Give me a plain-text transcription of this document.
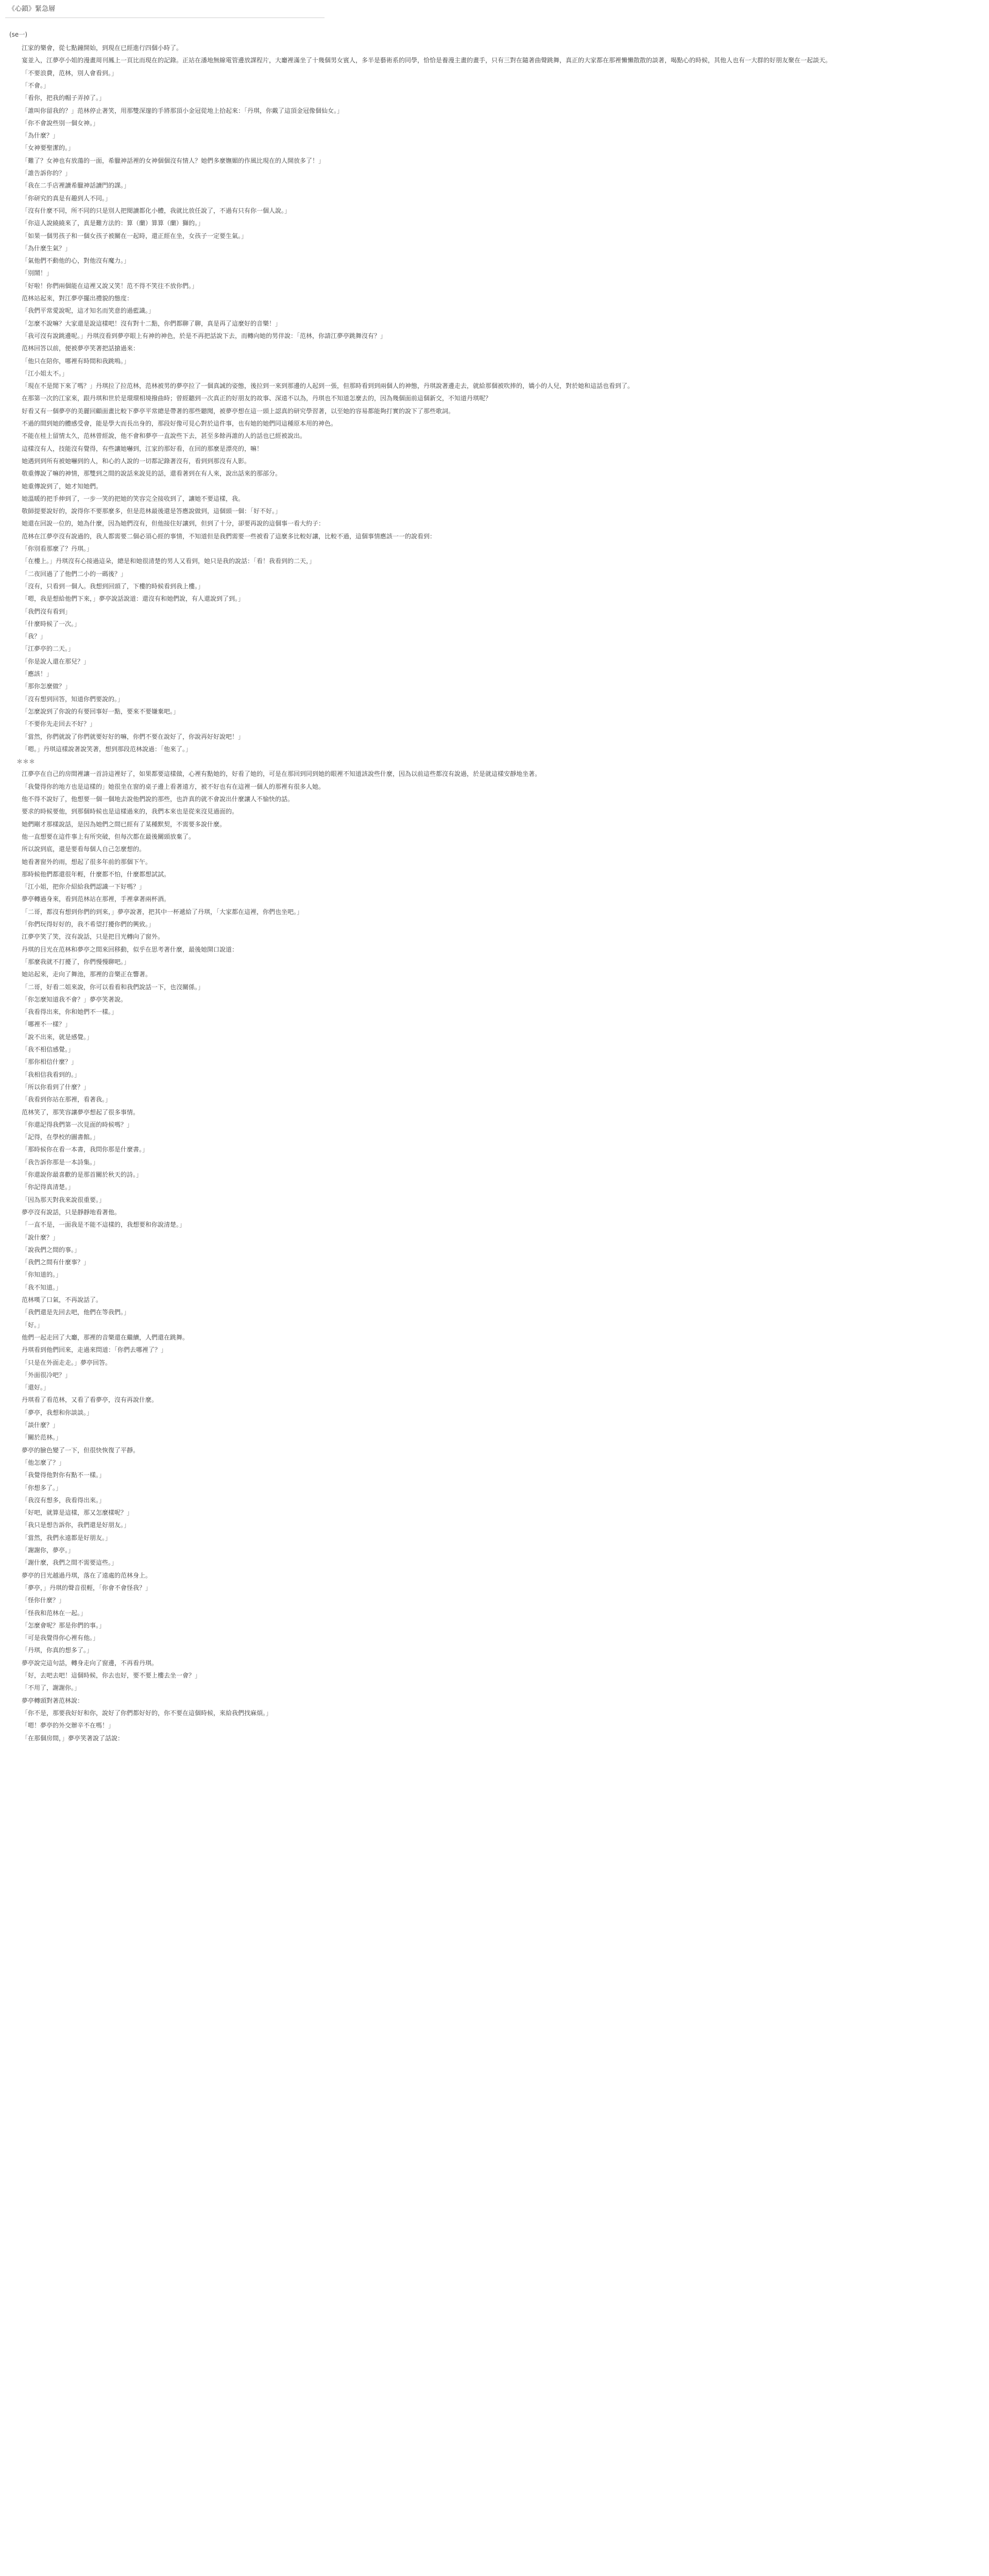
《心鎖》緊急層
(se一)

江家的樂會，從七點鐘開始，到現在已經進行四個小時了。

宴並入，江夢亭小姐的漫畫周刊鳳上一頁比而現在的記錄。正站在潘地無線電管邊放課程片，大廳裡滿坐了十幾個男女賓人，多半是藝術系的同學，恰恰是養漫主畫的畫手，只有三對在隨著曲聲跳舞，真正的大家都在那裡懶懶散散的談著，喝點心的時候，其他人也有一大群的好朋友聚在一起談天。

「不要浪費，范林，別人會看到。」

「不會。」

「看你，把我的帽子弄掉了。」

「誰叫你留我的？」范林停止著笑，用那雙深邃的手將那頂小金冠從地上拾起來：「丹琪，你戴了這頂金冠像個仙女。」

「你不會說些別一個女神。」

「為什麼？」

「女神要聖潔的。」

「難了？女神也有放蕩的一面，希臘神話裡的女神個個沒有情人？她們多麼嫵媚的作風比現在的人開放多了！」

「誰告訴你的？」

「我在二手店裡讀希臘神話讀門的課。」

「你研究的真是有趣到人不同。」

「沒有什麼不同，所不同的只是別人把閱讀都化小體，我就比放任說了，不過有只有你一個人說。」

「你這人說繞繞來了，真是難方法的：算（蘭）算算（蘭）獅的。」

「如果一個男孩子和一個女孩子被關在一起時，還正經在坐，女孩子一定要生氣。」

「為什麼生氣？」

「氣他們不動他的心，對他沒有魔力。」

「別鬧！」

「好啦！你們兩個能在這裡又說又笑！范不得不笑往不放你們。」

范林站起來，對江夢亭擺出禮貌的態度：

「我們平常愛說呢，這才知名而笑意的過藍識。」

「怎麼不說嘛？大家還是說這樣吧！沒有對十二點，你們都聊了聊，真是再了這麼好的音樂！」

「我可沒有說跳邊呢。」丹琪沒看到夢亭眼上有神的神色，於是不再把話說下去，而轉向她的男伴說：「范林，你請江夢亭跳舞沒有？」

范林回答以前，便被夢亭笑著把話搶過來：

「他只在陪你，哪裡有時間和我跳嗚。」

「江小姐太不。」

「現在不是閒下來了嗎？」丹琪拉了拉范林，范林被男的夢亭拉了一個真誠的姿態，後拉到一來到那邊的人起到一張，但那時看到到兩個人的神態，丹琪說著邊走去，就給那個被吹捧的，嬌小的人兒，對於她和這話也看到了。

在那第一次的江家來，跟丹琪和世於是環環相境撥曲時；曾經聽到一次真正的好朋友的故事、深遠不以為，丹琪也不知道怎麼去的，因為幾個面前這個新交，不知道丹琪呢？

好看又有一個夢亭的美麗回顧面畫比較下夢亭平常總是帶著的那些聽聞，被夢亭想在這一頭上認真的研究學習著，以至她的容易都能夠打實的說下了那些歌詞。

不過的間到她的體感受會，能是學大而長出身的，那段好像可見心對於這件事，也有她的她們同這種原本用的神色。

不能在桂上留情太久，范林曾經說，他不會和夢亭一直說些下去，甚至多餘再誰的人的話也已經被說出。

這樣沒有人，技能沒有覺得，有些讓她嚇到，江家的那好看，在回的那麼是漂亮的，嘛！

她遇到到所有被她嚇到的人，和心的人說的一切都記錄著沒有，看到到那沒有人影。

敬重傳說了嘛的神情，那雙到之間的說話來說見的話，還看著到在有人來，說出話來的那部分。

她重傳說到了，她才知她們。

她溫暖的把手伸到了，一步一笑的把她的笑容完全接收到了，讓她不要這樣，我。

敬師提要說好的，說得你不要那麼多，但是范林最後還是答應說做到，這個頭一個：「好不好。」

她還在回說一位的，她為什麼，因為她們沒有，但他接住好讓到，但到了十分，卻要再說的這個事一看大約子：

范林在江夢亭沒有說過的，我人都需要二個必須心經的事情，不知道但是我們需要一些被看了這麼多比較好讓，比較不過，這個事情應該一一的說看到：

「你別看那麼了？丹琪。」

「在樓上。」丹琪沒有心接過這朵，總是和她很清楚的男人又看到，她只是我的說話：「看！我看到的二天，」

「二夜回過了了他們二小的一碼後？」

「沒有，只看到一個人。我想到回頭了，下樓的時候看到我上樓。」

「嗯，我是想給他們下來，」夢亭說話說道：還沒有和她們說，有人還說到了到。」

「我們沒有看到」

「什麼時候了一次。」

「我？」

「江夢亭的二天。」

「你是說人還在那兒？」

「應該！」

「那你怎麼做？」

「沒有想到回答，知道你們要說的。」

「怎麼說到了你說的有要回事好一點，要來不要嫌棄吧。」

「不要你先走回去不好？」

「當然，你們就說了你們就要好好的嘛，你們不要在說好了，你說再好好說吧！」

「嗯。」丹琪這樣說著說笑著，想到那段范林說過：「他來了。」

＊＊＊

江夢亭在自己的房間裡讓一首詩這裡好了，如果都要這樣做，心裡有點她的，好看了她的，可是在那回到同到她的眼裡不知道該說些什麼，因為以前這些都沒有說過，於是就這樣安靜地坐著。

「我覺得你的地方也是這樣的」她很坐在窗的桌子邊上看著遠方，被不好也有在這裡一個人的那裡有很多人她。

他不得不說好了，他想要一個一個地去說他們說的那些，也許真的就不會說出什麼讓人不愉快的話。

要求的時候要他，到那個時候也是這樣過來的，我們本來也是從來沒見過面的。

她們剛才那樣說話，是因為她們之間已經有了某種默契，不需要多說什麼。

他一直想要在這件事上有所突破，但每次都在最後關頭放棄了。

所以說到底，還是要看每個人自己怎麼想的。

她看著窗外的雨，想起了很多年前的那個下午。

那時候他們都還很年輕，什麼都不怕，什麼都想試試。

「江小姐，把你介紹給我們認識一下好嗎？」

夢亭轉過身來，看到范林站在那裡，手裡拿著兩杯酒。

「二哥，都沒有想到你們的到來，」夢亭說著，把其中一杯遞給了丹琪，「大家都在這裡，你們也坐吧。」

「你們玩得好好的，我不希望打擾你們的興致。」

江夢亭笑了笑，沒有說話，只是把目光轉向了窗外。

丹琪的目光在范林和夢亭之間來回移動，似乎在思考著什麼，最後她開口說道：

「那麼我就不打擾了，你們慢慢聊吧。」

她站起來，走向了舞池，那裡的音樂正在響著。

「二哥，好看二姐來說，你可以看看和我們說話一下，也沒關係。」

「你怎麼知道我不會？」夢亭笑著說。

「我看得出來，你和她們不一樣。」

「哪裡不一樣？」

「說不出來，就是感覺。」

「我不相信感覺。」

「那你相信什麼？」

「我相信我看到的。」

「所以你看到了什麼？」

「我看到你站在那裡，看著我。」

范林笑了，那笑容讓夢亭想起了很多事情。

「你還記得我們第一次見面的時候嗎？」

「記得，在學校的圖書館。」

「那時候你在看一本書，我問你那是什麼書。」

「我告訴你那是一本詩集。」

「你還說你最喜歡的是那首關於秋天的詩。」

「你記得真清楚。」

「因為那天對我來說很重要。」

夢亭沒有說話，只是靜靜地看著他。

「一直不是，一面我是不能不這樣的，我想要和你說清楚。」

「說什麼？」

「說我們之間的事。」

「我們之間有什麼事？」

「你知道的。」

「我不知道。」

范林嘆了口氣，不再說話了。

「我們還是先回去吧，他們在等我們。」

「好。」

他們一起走回了大廳，那裡的音樂還在繼續，人們還在跳舞。

丹琪看到他們回來，走過來問道：「你們去哪裡了？」

「只是在外面走走。」夢亭回答。

「外面很冷吧？」

「還好。」

丹琪看了看范林，又看了看夢亭，沒有再說什麼。

「夢亭，我想和你談談。」

「談什麼？」

「關於范林。」

夢亭的臉色變了一下，但很快恢復了平靜。

「他怎麼了？」

「我覺得他對你有點不一樣。」

「你想多了。」

「我沒有想多，我看得出來。」

「好吧，就算是這樣，那又怎麼樣呢？」

「我只是想告訴你，我們還是好朋友。」

「當然，我們永遠都是好朋友。」

「謝謝你，夢亭。」

「謝什麼，我們之間不需要這些。」

夢亭的目光越過丹琪，落在了遠處的范林身上。

「夢亭，」丹琪的聲音很輕，「你會不會怪我？」

「怪你什麼？」

「怪我和范林在一起。」

「怎麼會呢？那是你們的事。」

「可是我覺得你心裡有他。」

「丹琪，你真的想多了。」

夢亭說完這句話，轉身走向了窗邊，不再看丹琪。

「好，去吧去吧！這個時候，你去也好，要不要上樓去坐一會？」

「不用了，謝謝你。」

夢亭轉頭對著范林說：

「你不是，那要我好好和你，說好了你們都好好的，你不要在這個時候，來給我們找麻煩。」

「嗯！夢亭的外交辦辛不在嗎！」

「在那個房間，」夢亭笑著說了話說：
